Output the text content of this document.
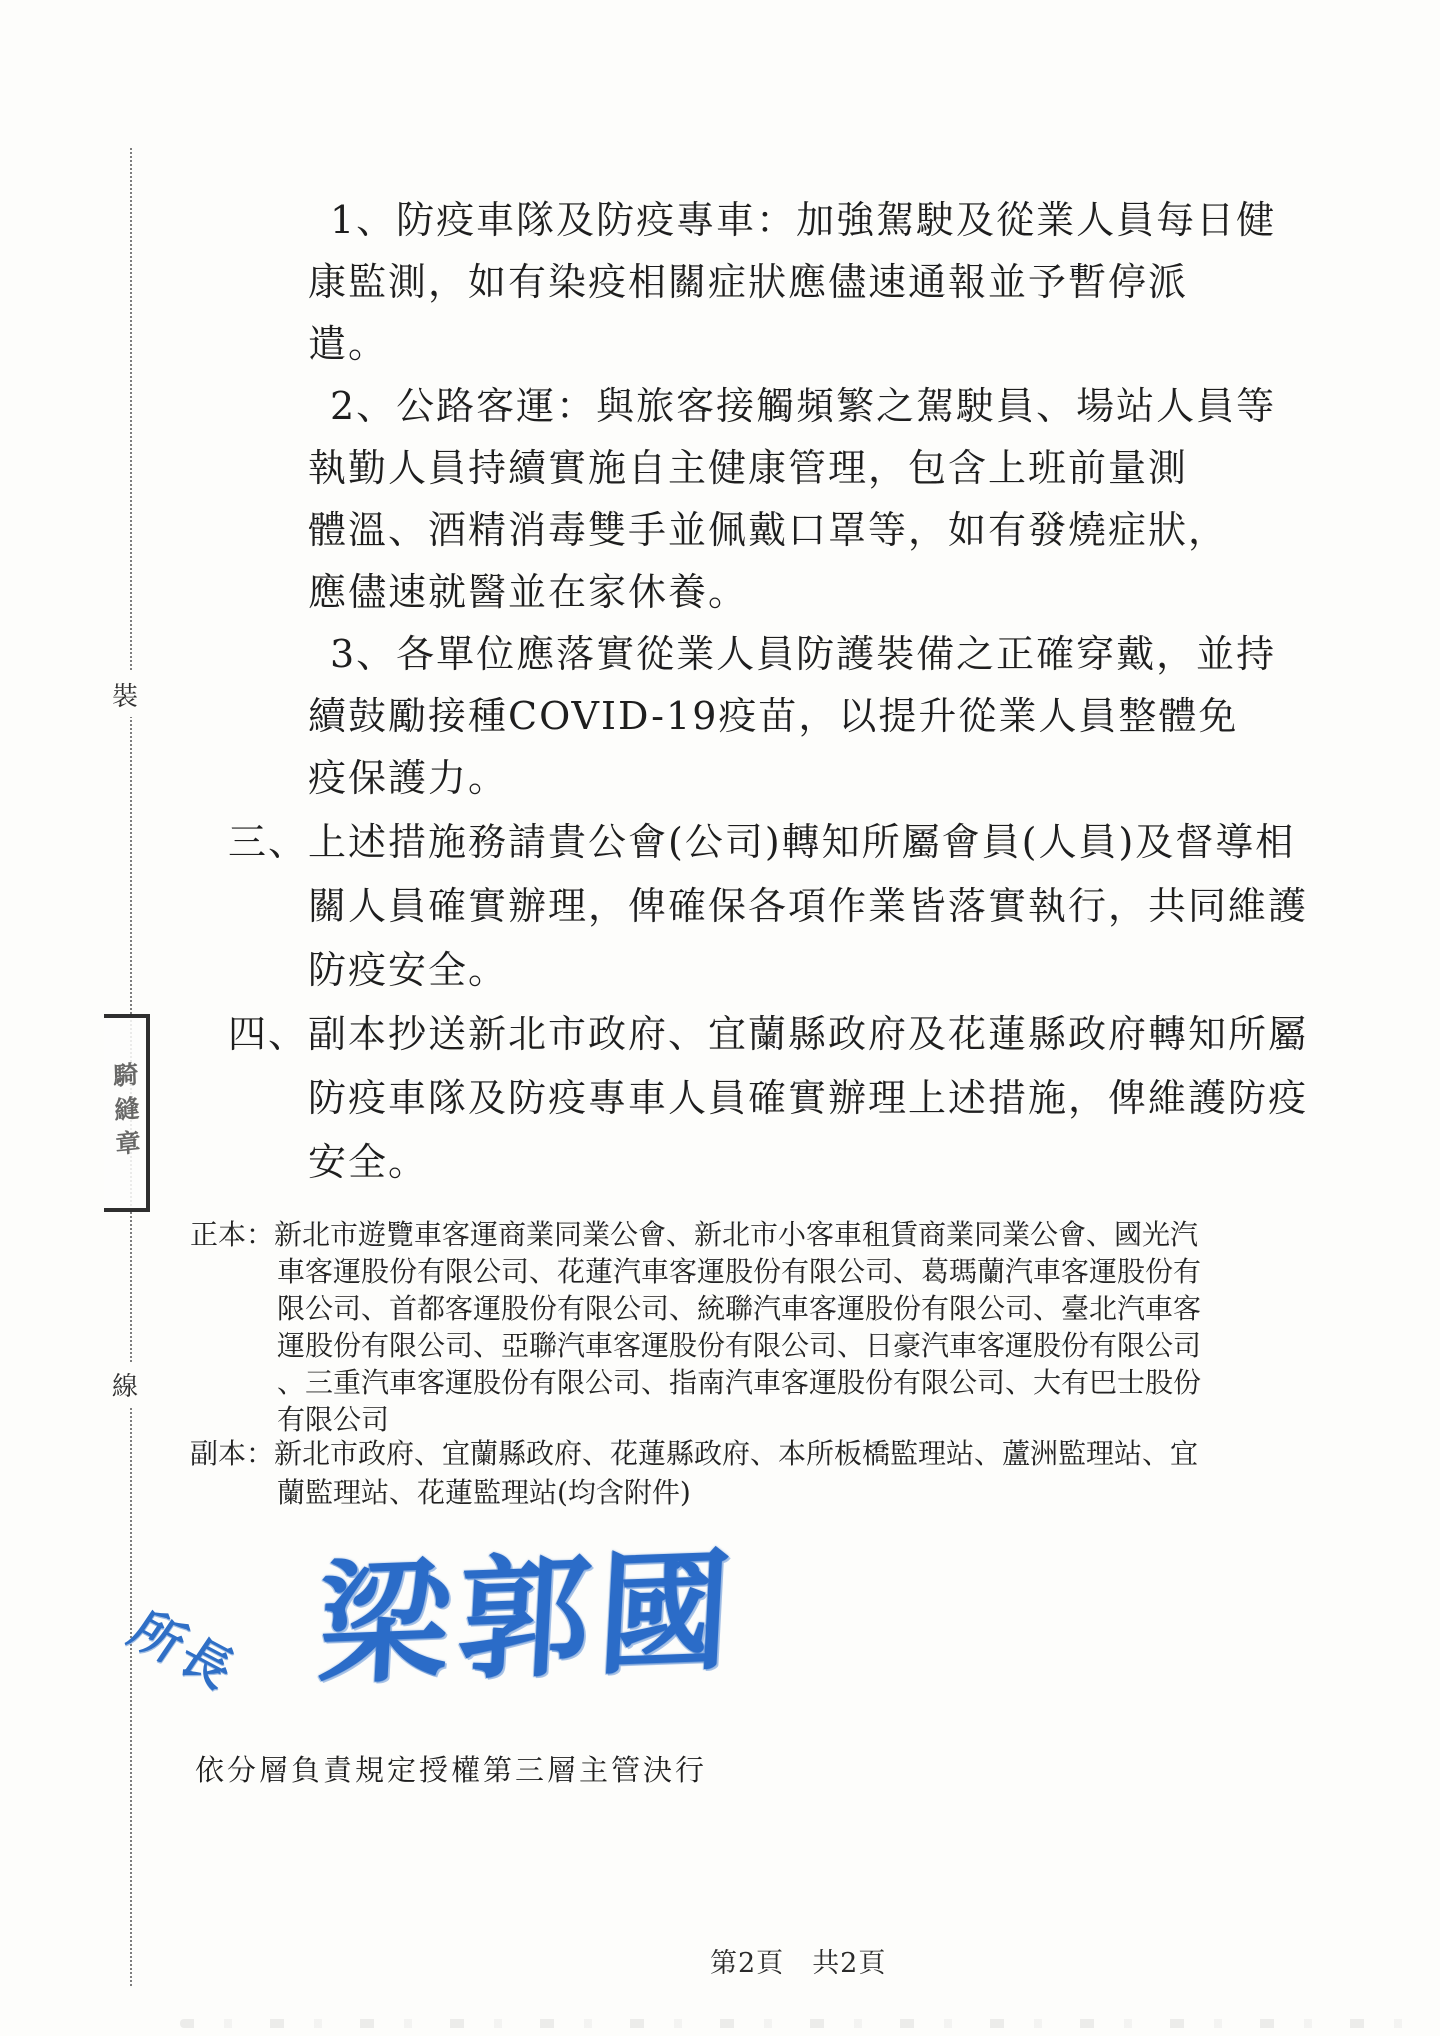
裝
線
騎縫章
1、防疫車隊及防疫專車：加強駕駛及從業人員每日健
康監測，如有染疫相關症狀應儘速通報並予暫停派
遣。
2、公路客運：與旅客接觸頻繁之駕駛員、場站人員等
執勤人員持續實施自主健康管理，包含上班前量測
體溫、酒精消毒雙手並佩戴口罩等，如有發燒症狀，
應儘速就醫並在家休養。
3、各單位應落實從業人員防護裝備之正確穿戴，並持
續鼓勵接種COVID-19疫苗，以提升從業人員整體免
疫保護力。
三、上述措施務請貴公會(公司)轉知所屬會員(人員)及督導相
關人員確實辦理，俾確保各項作業皆落實執行，共同維護
防疫安全。
四、副本抄送新北市政府、宜蘭縣政府及花蓮縣政府轉知所屬
防疫車隊及防疫專車人員確實辦理上述措施，俾維護防疫
安全。
正本：新北市遊覽車客運商業同業公會、新北市小客車租賃商業同業公會、國光汽
車客運股份有限公司、花蓮汽車客運股份有限公司、葛瑪蘭汽車客運股份有
限公司、首都客運股份有限公司、統聯汽車客運股份有限公司、臺北汽車客
運股份有限公司、亞聯汽車客運股份有限公司、日豪汽車客運股份有限公司
、三重汽車客運股份有限公司、指南汽車客運股份有限公司、大有巴士股份
有限公司
副本：新北市政府、宜蘭縣政府、花蓮縣政府、本所板橋監理站、蘆洲監理站、宜
蘭監理站、花蓮監理站(均含附件)
所長 梁郭國
依分層負責規定授權第三層主管決行
第2頁 共2頁
